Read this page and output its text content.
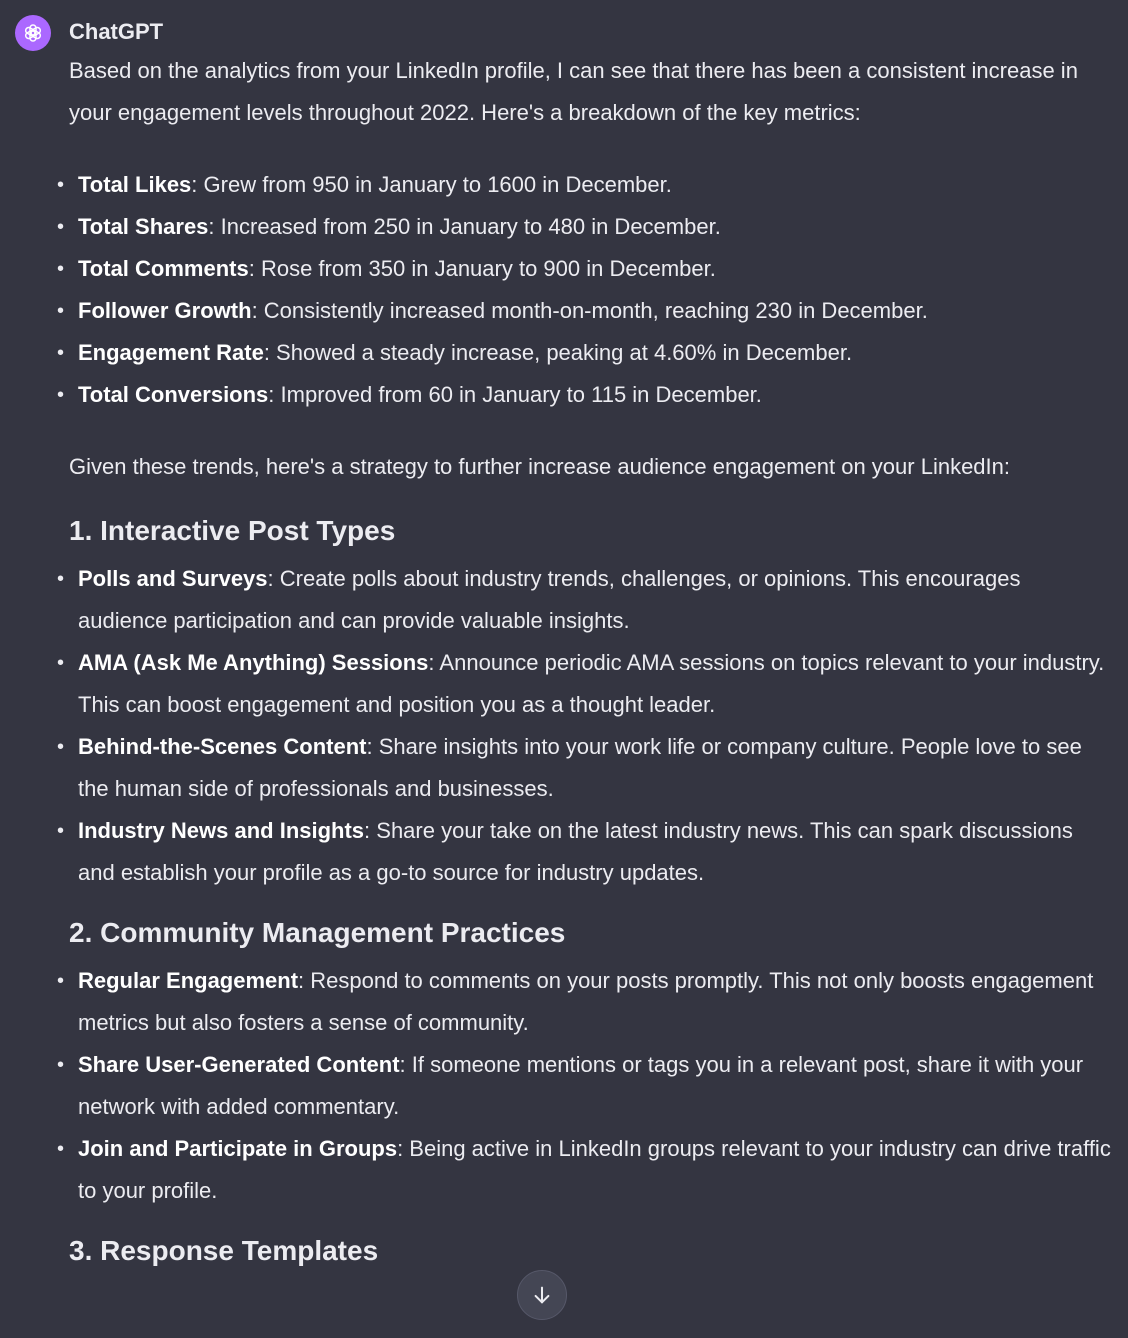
ChatGPT

Based on the analytics from your LinkedIn profile, I can see that there has been a consistent increase in your engagement levels throughout 2022. Here's a breakdown of the key metrics:

• Total Likes: Grew from 950 in January to 1600 in December.
• Total Shares: Increased from 250 in January to 480 in December.
• Total Comments: Rose from 350 in January to 900 in December.
• Follower Growth: Consistently increased month-on-month, reaching 230 in December.
• Engagement Rate: Showed a steady increase, peaking at 4.60% in December.
• Total Conversions: Improved from 60 in January to 115 in December.

Given these trends, here's a strategy to further increase audience engagement on your LinkedIn:

1. Interactive Post Types
• Polls and Surveys: Create polls about industry trends, challenges, or opinions. This encourages audience participation and can provide valuable insights.
• AMA (Ask Me Anything) Sessions: Announce periodic AMA sessions on topics relevant to your industry. This can boost engagement and position you as a thought leader.
• Behind-the-Scenes Content: Share insights into your work life or company culture. People love to see the human side of professionals and businesses.
• Industry News and Insights: Share your take on the latest industry news. This can spark discussions and establish your profile as a go-to source for industry updates.
2. Community Management Practices
• Regular Engagement: Respond to comments on your posts promptly. This not only boosts engagement metrics but also fosters a sense of community.
• Share User-Generated Content: If someone mentions or tags you in a relevant post, share it with your network with added commentary.
• Join and Participate in Groups: Being active in LinkedIn groups relevant to your industry can drive traffic to your profile.
3. Response Templates
